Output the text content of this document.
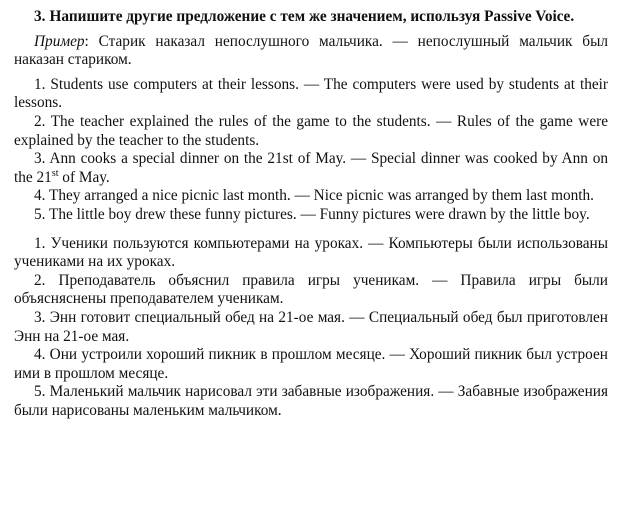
3. Напишите другие предложение с тем же значением, используя Passive Voice.

Пример: Старик наказал непослушного мальчика. — непослушный мальчик был наказан стариком.

1. Students use computers at their lessons. — The computers were used by students at their lessons.

2. The teacher explained the rules of the game to the students. — Rules of the game were explained by the teacher to the students.

3. Ann cooks a special dinner on the 21st of May. — Special dinner was cooked by Ann on the 21st of May.

4. They arranged a nice picnic last month. — Nice picnic was arranged by them last month.

5. The little boy drew these funny pictures. — Funny pictures were drawn by the little boy.

1. Ученики пользуются компьютерами на уроках. — Компьютеры были использованы учениками на их уроках.

2. Преподаватель объяснил правила игры ученикам. — Правила игры были объясняснены преподавателем ученикам.

3. Энн готовит специальный обед на 21-ое мая. — Специальный обед был приготовлен Энн на 21-ое мая.

4. Они устроили хороший пикник в прошлом месяце. — Хороший пикник был устроен ими в прошлом месяце.

5. Маленький мальчик нарисовал эти забавные изображения. — Забавные изображения были нарисованы маленьким мальчиком.
